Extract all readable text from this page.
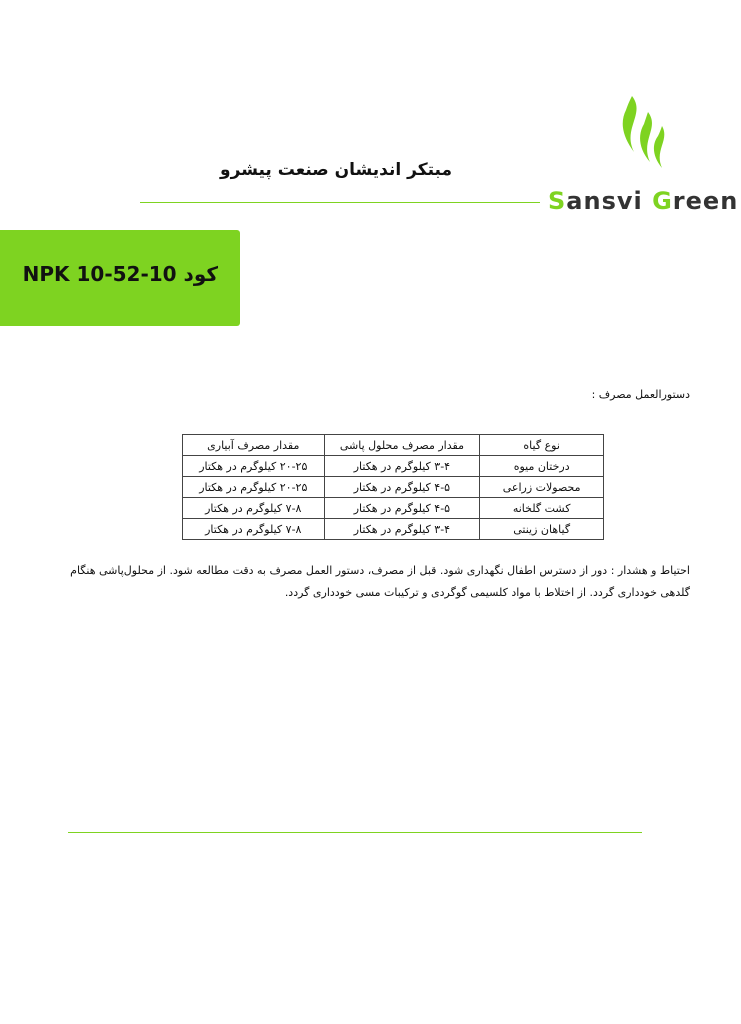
مبتکر اندیشان صنعت پیشرو
Sansvi Green
کود NPK 10-52-10
دستورالعمل مصرف :
نوع گیاه	مقدار مصرف محلول پاشی	مقدار مصرف آبیاری
درختان میوه	۳-۴ کیلوگرم در هکتار	۲۰-۲۵ کیلوگرم در هکتار
محصولات زراعی	۴-۵ کیلوگرم در هکتار	۲۰-۲۵ کیلوگرم در هکتار
کشت گلخانه	۴-۵ کیلوگرم در هکتار	۷-۸ کیلوگرم در هکتار
گیاهان زینتی	۳-۴ کیلوگرم در هکتار	۷-۸ کیلوگرم در هکتار
احتیاط و هشدار : دور از دسترس اطفال نگهداری شود. قبل از مصرف، دستور العمل مصرف به دقت مطالعه شود. از محلول‌پاشی هنگام گلدهی خودداری گردد. از اختلاط با مواد کلسیمی گوگردی و ترکیبات مسی خودداری گردد.
